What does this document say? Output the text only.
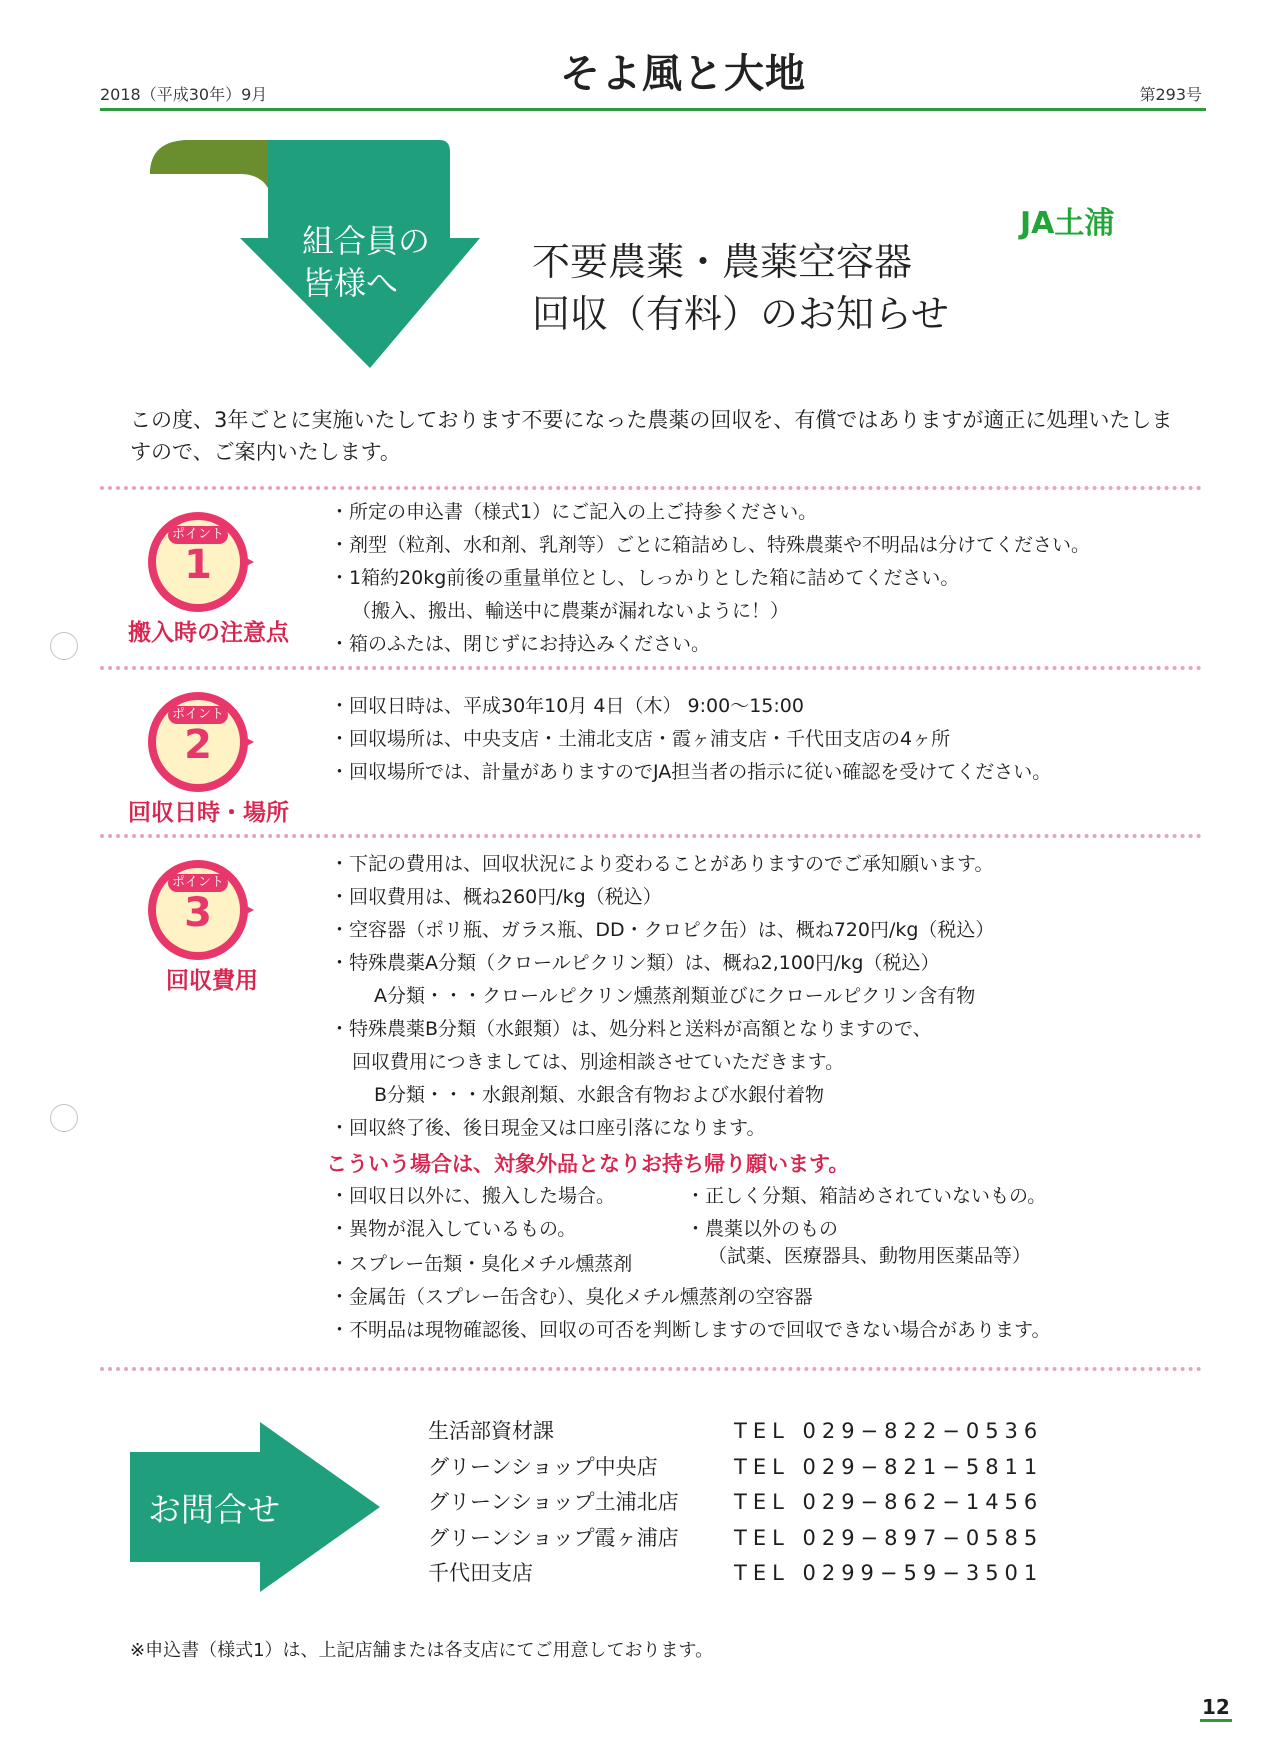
2018（平成30年）9月	そよ風と大地	第293号
組合員の
皆様へ
JA土浦
不要農薬・農薬空容器
回収（有料）のお知らせ
この度、3年ごとに実施いたしております不要になった農薬の回収を、有償ではありますが適正に処理いたしますので、ご案内いたします。
ポイント
1
搬入時の注意点
・所定の申込書（様式1）にご記入の上ご持参ください。
・剤型（粒剤、水和剤、乳剤等）ごとに箱詰めし、特殊農薬や不明品は分けてください。
・1箱約20kg前後の重量単位とし、しっかりとした箱に詰めてください。
（搬入、搬出、輸送中に農薬が漏れないように！）
・箱のふたは、閉じずにお持込みください。
ポイント
2
回収日時・場所
・回収日時は、平成30年10月 4日（木） 9:00～15:00
・回収場所は、中央支店・土浦北支店・霞ヶ浦支店・千代田支店の4ヶ所
・回収場所では、計量がありますのでJA担当者の指示に従い確認を受けてください。
ポイント
3
回収費用
・下記の費用は、回収状況により変わることがありますのでご承知願います。
・回収費用は、概ね260円/kg（税込）
・空容器（ポリ瓶、ガラス瓶、DD・クロピク缶）は、概ね720円/kg（税込）
・特殊農薬A分類（クロールピクリン類）は、概ね2,100円/kg（税込）
A分類・・・クロールピクリン燻蒸剤類並びにクロールピクリン含有物
・特殊農薬B分類（水銀類）は、処分料と送料が高額となりますので、
回収費用につきましては、別途相談させていただきます。
B分類・・・水銀剤類、水銀含有物および水銀付着物
・回収終了後、後日現金又は口座引落になります。
こういう場合は、対象外品となりお持ち帰り願います。
・回収日以外に、搬入した場合。
・異物が混入しているもの。
・スプレー缶類・臭化メチル燻蒸剤
・正しく分類、箱詰めされていないもの。
・農薬以外のもの
（試薬、医療器具、動物用医薬品等）
・金属缶（スプレー缶含む）、臭化メチル燻蒸剤の空容器
・不明品は現物確認後、回収の可否を判断しますので回収できない場合があります。
お問合せ
生活部資材課	TEL 029−822−0536
グリーンショップ中央店	TEL 029−821−5811
グリーンショップ土浦北店	TEL 029−862−1456
グリーンショップ霞ヶ浦店	TEL 029−897−0585
千代田支店	TEL 0299−59−3501
※申込書（様式1）は、上記店舗または各支店にてご用意しております。
12
